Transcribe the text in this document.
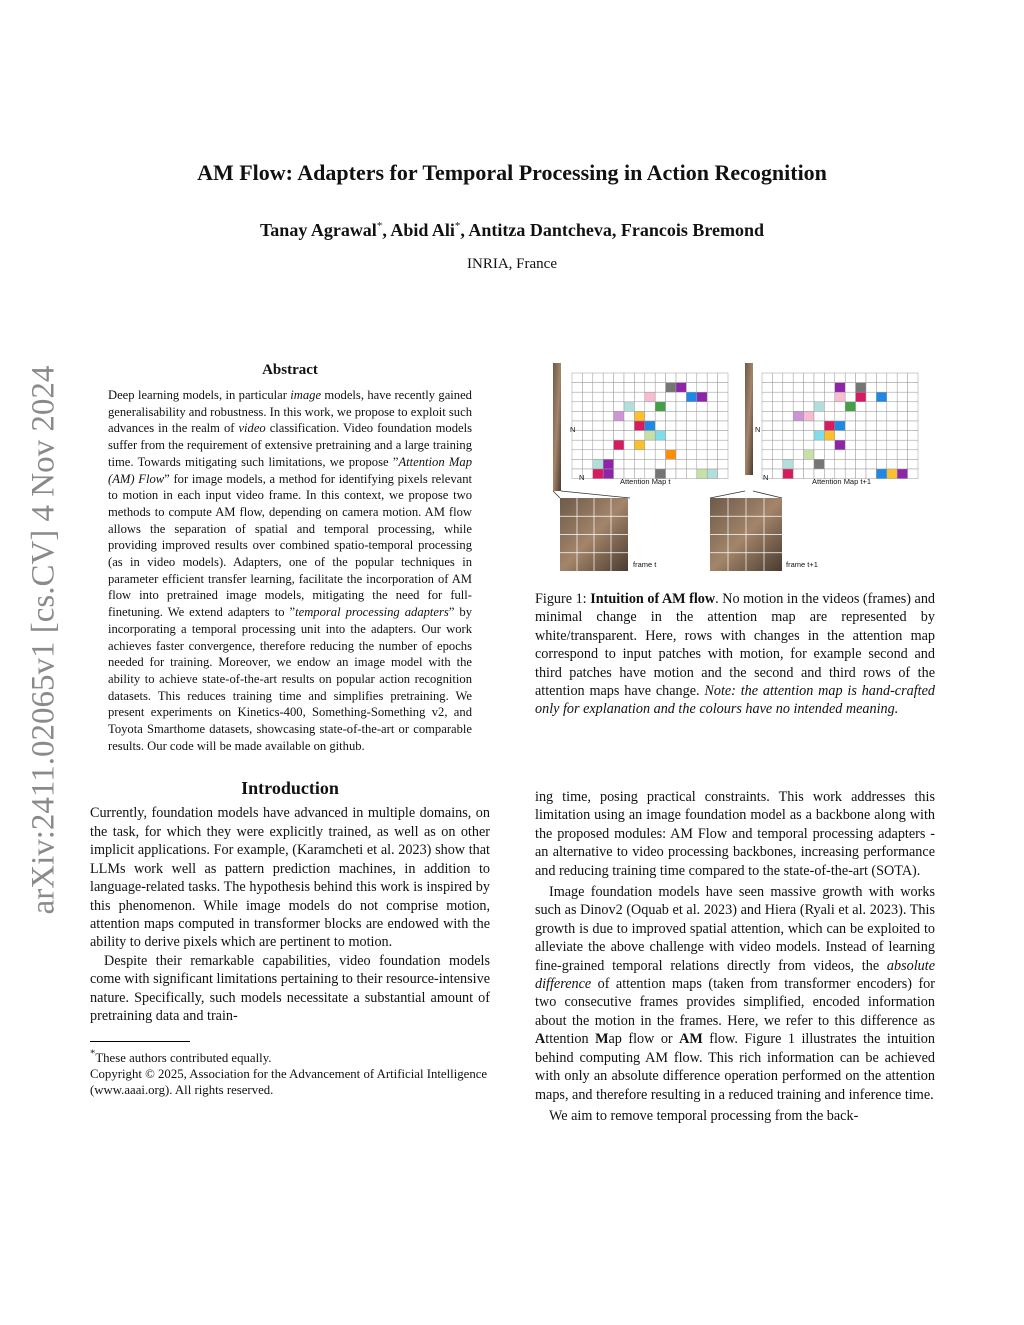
arXiv:2411.02065v1 [cs.CV] 4 Nov 2024
AM Flow: Adapters for Temporal Processing in Action Recognition
Tanay Agrawal*, Abid Ali*, Antitza Dantcheva, Francois Bremond
INRIA, France
Abstract

Deep learning models, in particular image models, have recently gained generalisability and robustness. In this work, we propose to exploit such advances in the realm of video classification. Video foundation models suffer from the requirement of extensive pretraining and a large training time. Towards mitigating such limitations, we propose ”Attention Map (AM) Flow” for image models, a method for identifying pixels relevant to motion in each input video frame. In this context, we propose two methods to compute AM flow, depending on camera motion. AM flow allows the separation of spatial and temporal processing, while providing improved results over combined spatio-temporal processing (as in video models). Adapters, one of the popular techniques in parameter efficient transfer learning, facilitate the incorporation of AM flow into pretrained image models, mitigating the need for full-finetuning. We extend adapters to ”temporal processing adapters” by incorporating a temporal processing unit into the adapters. Our work achieves faster convergence, therefore reducing the number of epochs needed for training. Moreover, we endow an image model with the ability to achieve state-of-the-art results on popular action recognition datasets. This reduces training time and simplifies pretraining. We present experiments on Kinetics-400, Something-Something v2, and Toyota Smarthome datasets, showcasing state-of-the-art or comparable results. Our code will be made available on github.

Introduction

Currently, foundation models have advanced in multiple domains, on the task, for which they were explicitly trained, as well as on other implicit applications. For example, (Karamcheti et al. 2023) show that LLMs work well as pattern prediction machines, in addition to language-related tasks. The hypothesis behind this work is inspired by this phenomenon. While image models do not comprise motion, attention maps computed in transformer blocks are endowed with the ability to derive pixels which are pertinent to motion.

Despite their remarkable capabilities, video foundation models come with significant limitations pertaining to their resource-intensive nature. Specifically, such models necessitate a substantial amount of pretraining data and train-

*These authors contributed equally.
Copyright © 2025, Association for the Advancement of Artificial Intelligence (www.aaai.org). All rights reserved.

N
N
N
N
Attention Map t	Attention Map t+1
frame t	frame t+1
Figure 1: Intuition of AM flow. No motion in the videos (frames) and minimal change in the attention map are represented by white/transparent. Here, rows with changes in the attention map correspond to input patches with motion, for example second and third patches have motion and the second and third rows of the attention maps have change. Note: the attention map is hand-crafted only for explanation and the colours have no intended meaning.

ing time, posing practical constraints. This work addresses this limitation using an image foundation model as a backbone along with the proposed modules: AM Flow and temporal processing adapters - an alternative to video processing backbones, increasing performance and reducing training time compared to the state-of-the-art (SOTA).

Image foundation models have seen massive growth with works such as Dinov2 (Oquab et al. 2023) and Hiera (Ryali et al. 2023). This growth is due to improved spatial attention, which can be exploited to alleviate the above challenge with video models. Instead of learning fine-grained temporal relations directly from videos, the absolute difference of attention maps (taken from transformer encoders) for two consecutive frames provides simplified, encoded information about the motion in the frames. Here, we refer to this difference as Attention Map flow or AM flow. Figure 1 illustrates the intuition behind computing AM flow. This rich information can be achieved with only an absolute difference operation performed on the attention maps, and therefore resulting in a reduced training and inference time.

We aim to remove temporal processing from the back-
